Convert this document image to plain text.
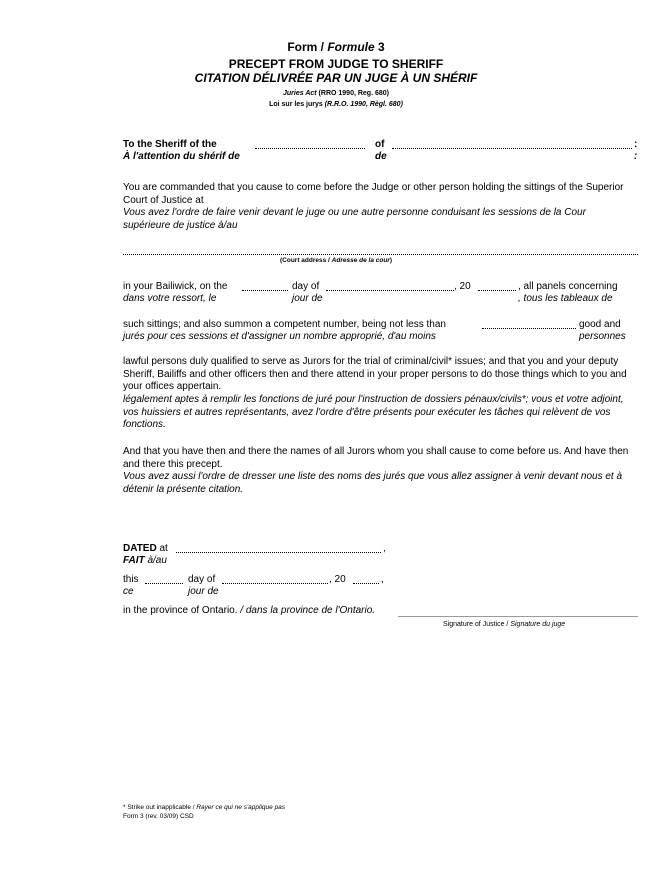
Form / Formule 3
PRECEPT FROM JUDGE TO SHERIFF
CITATION DÉLIVRÉE PAR UN JUGE À UN SHÉRIF
Juries Act (RRO 1990, Reg. 680)
Loi sur les jurys (R.R.O. 1990, Règl. 680)
To the Sheriff of the	of	:
À l'attention du shérif de	de	:
You are commanded that you cause to come before the Judge or other person holding the sittings of the Superior Court of Justice at
Vous avez l'ordre de faire venir devant le juge ou une autre personne conduisant les sessions de la Cour supérieure de justice à/au
(Court address / Adresse de la cour)
in your Bailiwick, on the	day of	, 20	, all panels concerning
dans votre ressort, le	jour de	, tous les tableaux de
such sittings; and also summon a competent number, being not less than	good and
jurés pour ces sessions et d'assigner un nombre approprié, d'au moins	personnes
lawful persons duly qualified to serve as Jurors for the trial of criminal/civil* issues; and that you and your deputy Sheriff, Bailiffs and other officers then and there attend in your proper persons to do those things which to you and your offices appertain.
légalement aptes à remplir les fonctions de juré pour l'instruction de dossiers pénaux/civils*; vous et votre adjoint, vos huissiers et autres représentants, avez l'ordre d'être présents pour exécuter les tâches qui relèvent de vos fonctions.
And that you have then and there the names of all Jurors whom you shall cause to come before us. And have then and there this precept.
Vous avez aussi l'ordre de dresser une liste des noms des jurés que vous allez assigner à venir devant nous et à détenir la présente citation.
DATED at	,
FAIT à/au
this	day of	, 20	,
ce	jour de
in the province of Ontario. / dans la province de l'Ontario.
Signature of Justice / Signature du juge
* Strike out inapplicable / Rayer ce qui ne s'applique pas
Form 3 (rev. 03/09) CSD
